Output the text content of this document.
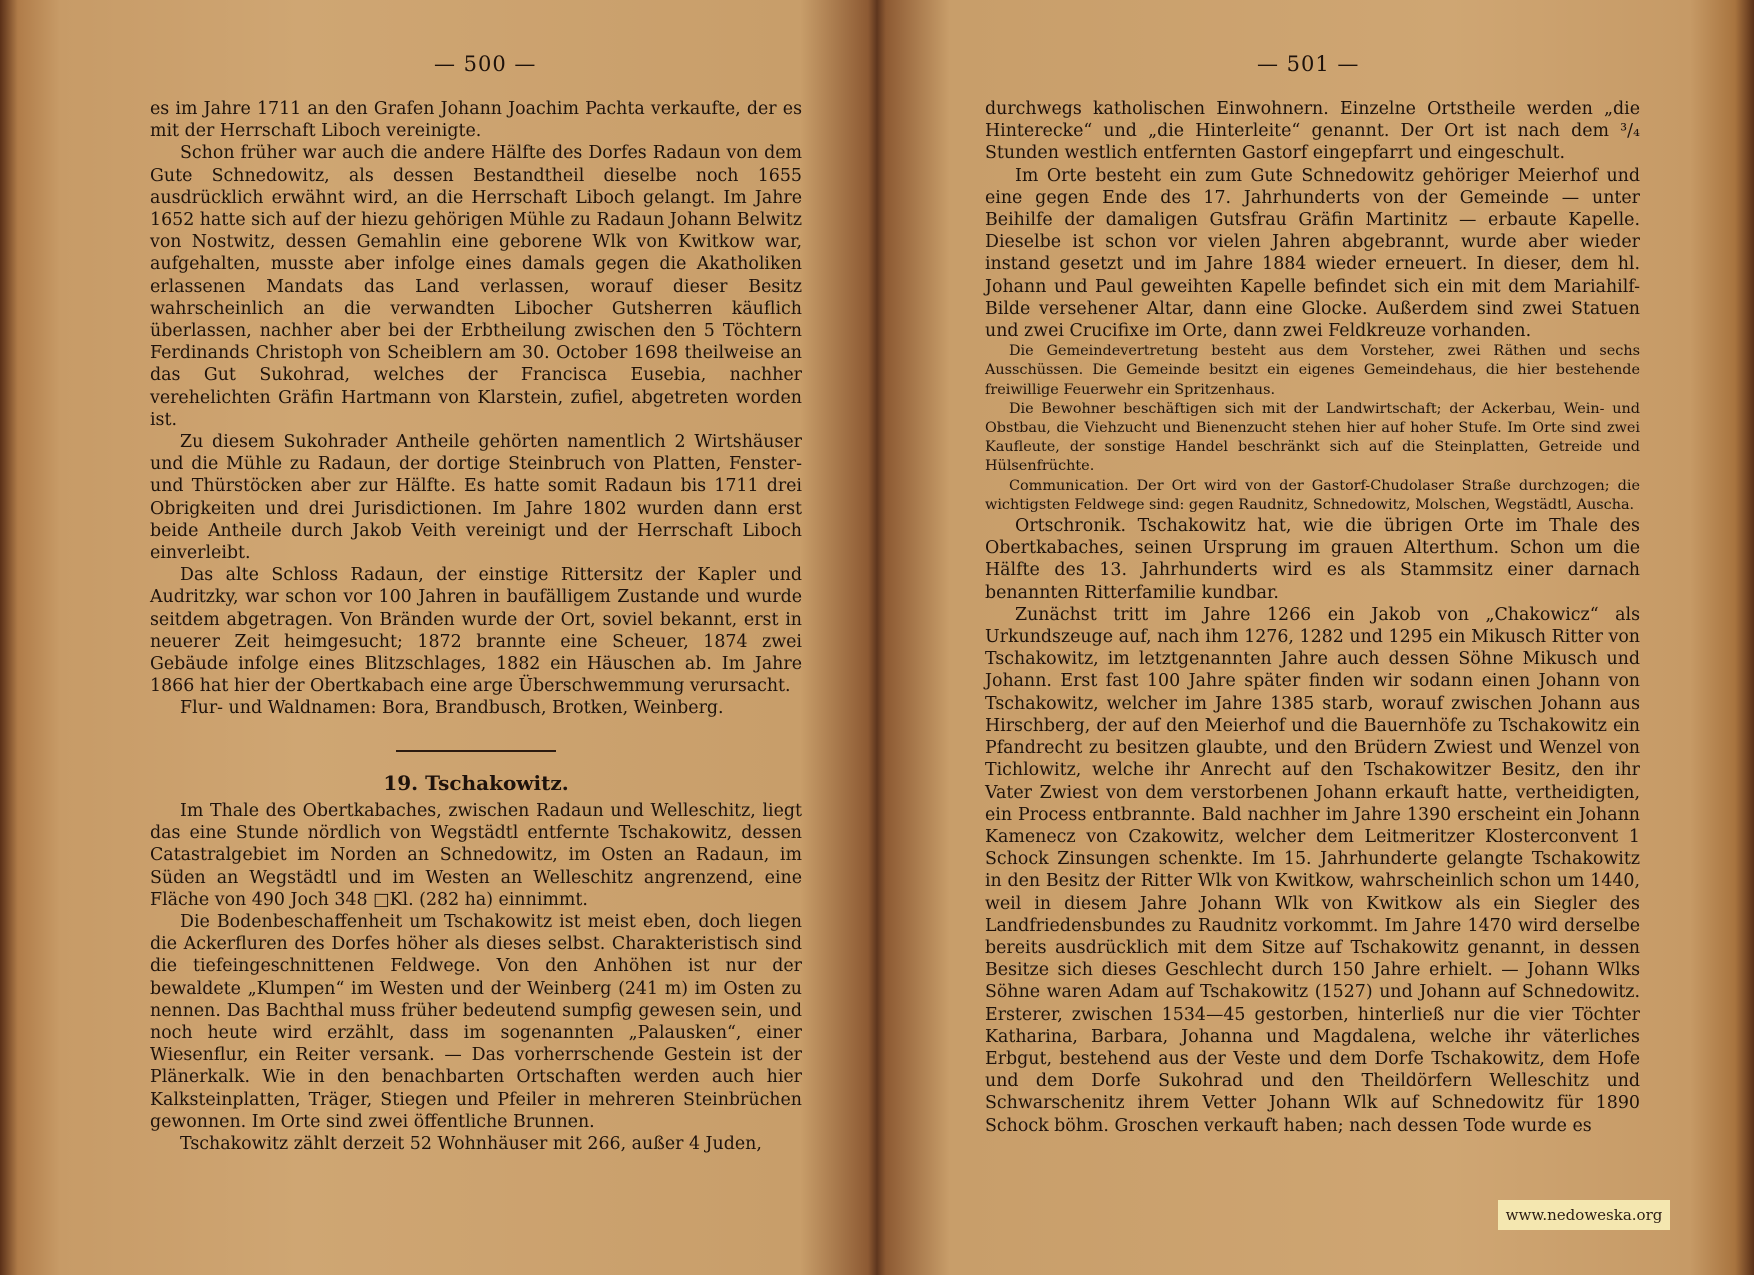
— 500 —

es im Jahre 1711 an den Grafen Johann Joachim Pachta verkaufte, der es mit der Herrschaft Liboch vereinigte.

Schon früher war auch die andere Hälfte des Dorfes Radaun von dem Gute Schnedowitz, als dessen Bestandtheil dieselbe noch 1655 ausdrücklich erwähnt wird, an die Herrschaft Liboch gelangt. Im Jahre 1652 hatte sich auf der hiezu gehörigen Mühle zu Radaun Johann Belwitz von Nostwitz, dessen Gemahlin eine geborene Wlk von Kwitkow war, aufgehalten, musste aber infolge eines damals gegen die Akatholiken erlassenen Mandats das Land verlassen, worauf dieser Besitz wahrscheinlich an die verwandten Libocher Gutsherren käuflich überlassen, nachher aber bei der Erbtheilung zwischen den 5 Töchtern Ferdinands Christoph von Scheiblern am 30. October 1698 theilweise an das Gut Sukohrad, welches der Francisca Eusebia, nachher verehelichten Gräfin Hartmann von Klarstein, zufiel, abgetreten worden ist.

Zu diesem Sukohrader Antheile gehörten namentlich 2 Wirtshäuser und die Mühle zu Radaun, der dortige Steinbruch von Platten, Fenster- und Thürstöcken aber zur Hälfte. Es hatte somit Radaun bis 1711 drei Obrigkeiten und drei Jurisdictionen. Im Jahre 1802 wurden dann erst beide Antheile durch Jakob Veith vereinigt und der Herrschaft Liboch einverleibt.

Das alte Schloss Radaun, der einstige Rittersitz der Kapler und Audritzky, war schon vor 100 Jahren in baufälligem Zustande und wurde seitdem abgetragen. Von Bränden wurde der Ort, soviel bekannt, erst in neuerer Zeit heimgesucht; 1872 brannte eine Scheuer, 1874 zwei Gebäude infolge eines Blitzschlages, 1882 ein Häuschen ab. Im Jahre 1866 hat hier der Obertkabach eine arge Überschwemmung verursacht.

Flur- und Waldnamen: Bora, Brandbusch, Brotken, Weinberg.

19. Tschakowitz.

Im Thale des Obertkabaches, zwischen Radaun und Welleschitz, liegt das eine Stunde nördlich von Wegstädtl entfernte Tschakowitz, dessen Catastralgebiet im Norden an Schnedowitz, im Osten an Radaun, im Süden an Wegstädtl und im Westen an Welleschitz angrenzend, eine Fläche von 490 Joch 348 □Kl. (282 ha) einnimmt.

Die Bodenbeschaffenheit um Tschakowitz ist meist eben, doch liegen die Ackerfluren des Dorfes höher als dieses selbst. Charakteristisch sind die tiefeingeschnittenen Feldwege. Von den Anhöhen ist nur der bewaldete „Klumpen“ im Westen und der Weinberg (241 m) im Osten zu nennen. Das Bachthal muss früher bedeutend sumpfig gewesen sein, und noch heute wird erzählt, dass im sogenannten „Palausken“, einer Wiesenflur, ein Reiter versank. — Das vorherrschende Gestein ist der Plänerkalk. Wie in den benachbarten Ortschaften werden auch hier Kalksteinplatten, Träger, Stiegen und Pfeiler in mehreren Steinbrüchen gewonnen. Im Orte sind zwei öffentliche Brunnen.

Tschakowitz zählt derzeit 52 Wohnhäuser mit 266, außer 4 Juden,

— 501 —

durchwegs katholischen Einwohnern. Einzelne Ortstheile werden „die Hinterecke“ und „die Hinterleite“ genannt. Der Ort ist nach dem ³/₄ Stunden westlich entfernten Gastorf eingepfarrt und eingeschult.

Im Orte besteht ein zum Gute Schnedowitz gehöriger Meierhof und eine gegen Ende des 17. Jahrhunderts von der Gemeinde — unter Beihilfe der damaligen Gutsfrau Gräfin Martinitz — erbaute Kapelle. Dieselbe ist schon vor vielen Jahren abgebrannt, wurde aber wieder instand gesetzt und im Jahre 1884 wieder erneuert. In dieser, dem hl. Johann und Paul geweihten Kapelle befindet sich ein mit dem Mariahilf-Bilde versehener Altar, dann eine Glocke. Außerdem sind zwei Statuen und zwei Crucifixe im Orte, dann zwei Feldkreuze vorhanden.

Die Gemeindevertretung besteht aus dem Vorsteher, zwei Räthen und sechs Ausschüssen. Die Gemeinde besitzt ein eigenes Gemeindehaus, die hier bestehende freiwillige Feuerwehr ein Spritzenhaus.

Die Bewohner beschäftigen sich mit der Landwirtschaft; der Ackerbau, Wein- und Obstbau, die Viehzucht und Bienenzucht stehen hier auf hoher Stufe. Im Orte sind zwei Kaufleute, der sonstige Handel beschränkt sich auf die Steinplatten, Getreide und Hülsenfrüchte.

Communication. Der Ort wird von der Gastorf-Chudolaser Straße durchzogen; die wichtigsten Feldwege sind: gegen Raudnitz, Schnedowitz, Molschen, Wegstädtl, Auscha.

Ortschronik. Tschakowitz hat, wie die übrigen Orte im Thale des Obertkabaches, seinen Ursprung im grauen Alterthum. Schon um die Hälfte des 13. Jahrhunderts wird es als Stammsitz einer darnach benannten Ritterfamilie kundbar.

Zunächst tritt im Jahre 1266 ein Jakob von „Chakowicz“ als Urkundszeuge auf, nach ihm 1276, 1282 und 1295 ein Mikusch Ritter von Tschakowitz, im letztgenannten Jahre auch dessen Söhne Mikusch und Johann. Erst fast 100 Jahre später finden wir sodann einen Johann von Tschakowitz, welcher im Jahre 1385 starb, worauf zwischen Johann aus Hirschberg, der auf den Meierhof und die Bauernhöfe zu Tschakowitz ein Pfandrecht zu besitzen glaubte, und den Brüdern Zwiest und Wenzel von Tichlowitz, welche ihr Anrecht auf den Tschakowitzer Besitz, den ihr Vater Zwiest von dem verstorbenen Johann erkauft hatte, vertheidigten, ein Process entbrannte. Bald nachher im Jahre 1390 erscheint ein Johann Kamenecz von Czakowitz, welcher dem Leitmeritzer Klosterconvent 1 Schock Zinsungen schenkte. Im 15. Jahrhunderte gelangte Tschakowitz in den Besitz der Ritter Wlk von Kwitkow, wahrscheinlich schon um 1440, weil in diesem Jahre Johann Wlk von Kwitkow als ein Siegler des Landfriedensbundes zu Raudnitz vorkommt. Im Jahre 1470 wird derselbe bereits ausdrücklich mit dem Sitze auf Tschakowitz genannt, in dessen Besitze sich dieses Geschlecht durch 150 Jahre erhielt. — Johann Wlks Söhne waren Adam auf Tschakowitz (1527) und Johann auf Schnedowitz. Ersterer, zwischen 1534—45 gestorben, hinterließ nur die vier Töchter Katharina, Barbara, Johanna und Magdalena, welche ihr väterliches Erbgut, bestehend aus der Veste und dem Dorfe Tschakowitz, dem Hofe und dem Dorfe Sukohrad und den Theildörfern Welleschitz und Schwarschenitz ihrem Vetter Johann Wlk auf Schnedowitz für 1890 Schock böhm. Groschen verkauft haben; nach dessen Tode wurde es

www.nedoweska.org
